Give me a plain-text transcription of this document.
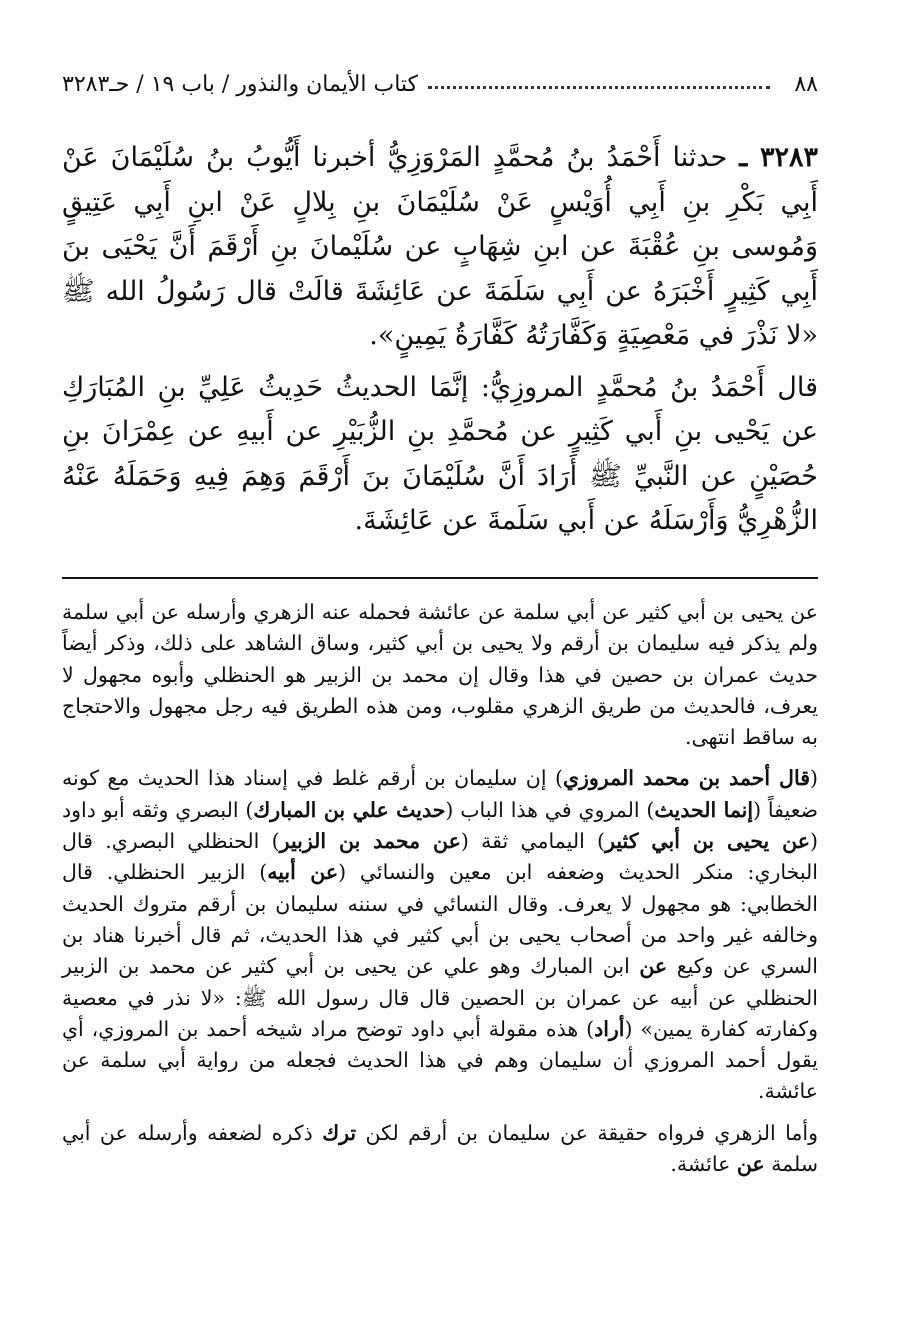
٨٨
كتاب الأيمان والنذور / باب ١٩ / حـ٣٢٨٣

٣٢٨٣ ـ حدثنا أَحْمَدُ بنُ مُحمَّدٍ المَرْوَزِيُّ أخبرنا أَيُّوبُ بنُ سُلَيْمَانَ عَنْ أَبِي بَكْرِ بنِ أَبِي أُوَيْسٍ عَنْ سُلَيْمَانَ بنِ بِلالٍ عَنْ ابنِ أَبِي عَتِيقٍ وَمُوسى بنِ عُقْبَةَ عن ابنِ شِهَابٍ عن سُلَيْمانَ بنِ أَرْقَمَ أَنَّ يَحْيَى بنَ أَبِي كَثِيرٍ أَخْبَرَهُ عن أَبِي سَلَمَةَ عن عَائِشَةَ قالَتْ قال رَسُولُ الله ﷺ «لا نَذْرَ في مَعْصِيَةٍ وَكَفَّارَتُهُ كَفَّارَةُ يَمِينٍ».

قال أَحْمَدُ بنُ مُحمَّدٍ المروزِيُّ: إنَّمَا الحديثُ حَدِيثُ عَلِيِّ بنِ المُبَارَكِ عن يَحْيى بنِ أَبي كَثِيرٍ عن مُحمَّدِ بنِ الزُّبَيْرِ عن أَبيهِ عن عِمْرَانَ بنِ حُصَيْنٍ عن النَّبيِّ ﷺ أَرَادَ أَنَّ سُلَيْمَانَ بنَ أَرْقَمَ وَهِمَ فِيهِ وَحَمَلَهُ عَنْهُ الزُّهْرِيُّ وَأَرْسَلَهُ عن أَبي سَلَمةَ عن عَائِشَةَ.

عن يحيى بن أبي كثير عن أبي سلمة عن عائشة فحمله عنه الزهري وأرسله عن أبي سلمة ولم يذكر فيه سليمان بن أرقم ولا يحيى بن أبي كثير، وساق الشاهد على ذلك، وذكر أيضاً حديث عمران بن حصين في هذا وقال إن محمد بن الزبير هو الحنظلي وأبوه مجهول لا يعرف، فالحديث من طريق الزهري مقلوب، ومن هذه الطريق فيه رجل مجهول والاحتجاج به ساقط انتهى.

(قال أحمد بن محمد المروزي) إن سليمان بن أرقم غلط في إسناد هذا الحديث مع كونه ضعيفاً (إنما الحديث) المروي في هذا الباب (حديث علي بن المبارك) البصري وثقه أبو داود (عن يحيى بن أبي كثير) اليمامي ثقة (عن محمد بن الزبير) الحنظلي البصري. قال البخاري: منكر الحديث وضعفه ابن معين والنسائي (عن أبيه) الزبير الحنظلي. قال الخطابي: هو مجهول لا يعرف. وقال النسائي في سننه سليمان بن أرقم متروك الحديث وخالفه غير واحد من أصحاب يحيى بن أبي كثير في هذا الحديث، ثم قال أخبرنا هناد بن السري عن وكيع عن ابن المبارك وهو علي عن يحيى بن أبي كثير عن محمد بن الزبير الحنظلي عن أبيه عن عمران بن الحصين قال قال رسول الله ﷺ: «لا نذر في معصية وكفارته كفارة يمين» (أراد) هذه مقولة أبي داود توضح مراد شيخه أحمد بن المروزي، أي يقول أحمد المروزي أن سليمان وهم في هذا الحديث فجعله من رواية أبي سلمة عن عائشة.

وأما الزهري فرواه حقيقة عن سليمان بن أرقم لكن ترك ذكره لضعفه وأرسله عن أبي سلمة عن عائشة.
